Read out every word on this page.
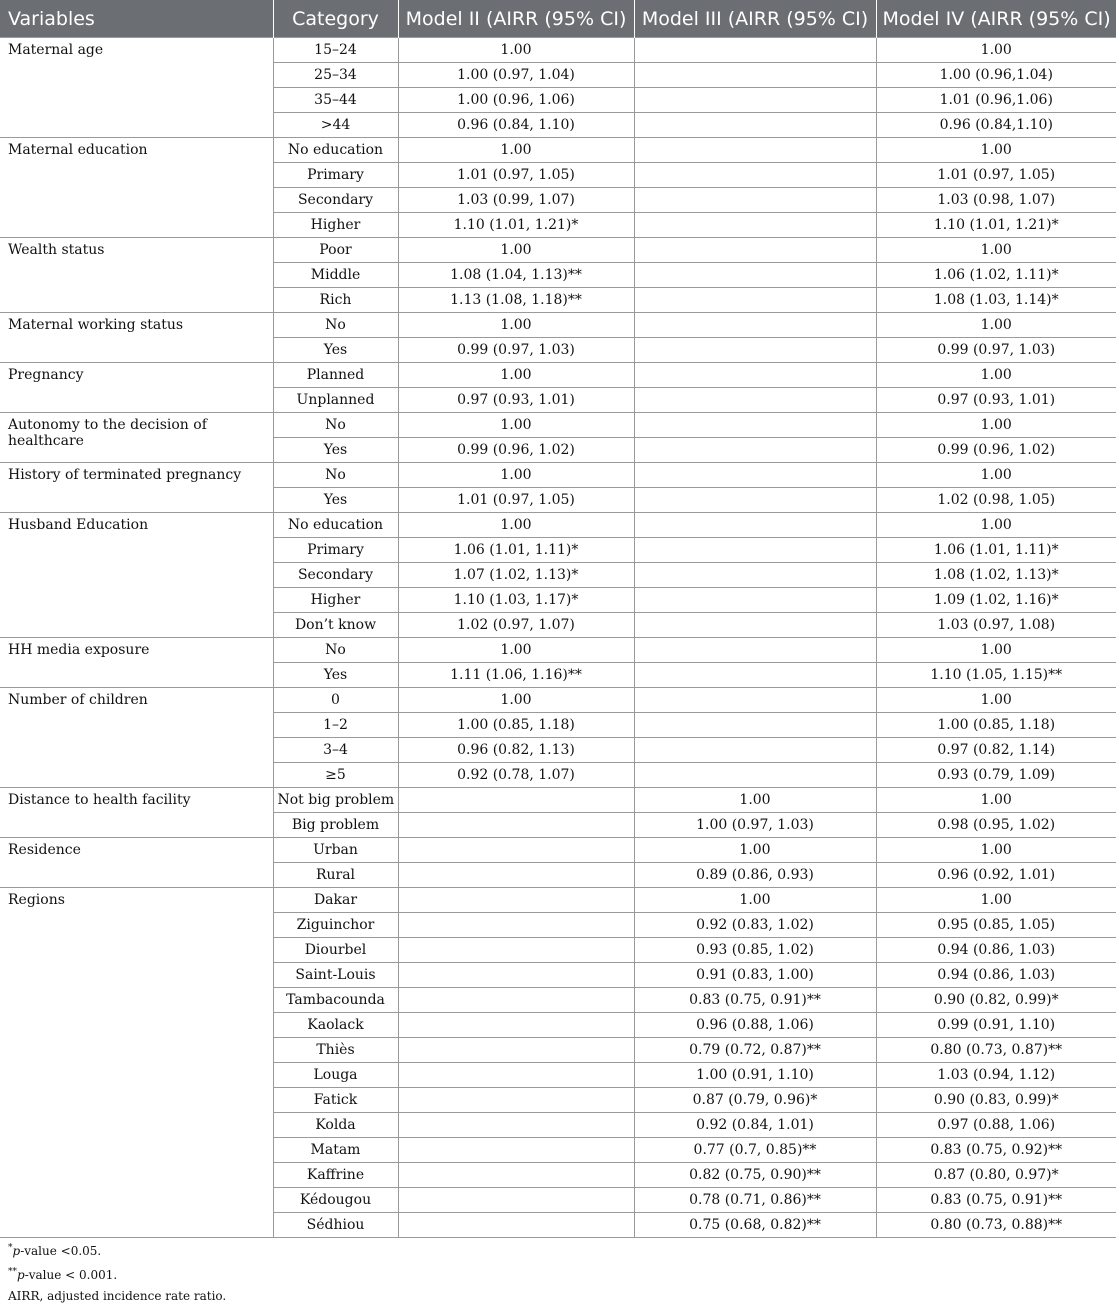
Variables	Category	Model II (AIRR (95% CI)	Model III (AIRR (95% CI)	Model IV (AIRR (95% CI)
Maternal age	15–24	1.00		1.00
	25–34	1.00 (0.97, 1.04)		1.00 (0.96,1.04)
	35–44	1.00 (0.96, 1.06)		1.01 (0.96,1.06)
	>44	0.96 (0.84, 1.10)		0.96 (0.84,1.10)
Maternal education	No education	1.00		1.00
	Primary	1.01 (0.97, 1.05)		1.01 (0.97, 1.05)
	Secondary	1.03 (0.99, 1.07)		1.03 (0.98, 1.07)
	Higher	1.10 (1.01, 1.21)*		1.10 (1.01, 1.21)*
Wealth status	Poor	1.00		1.00
	Middle	1.08 (1.04, 1.13)**		1.06 (1.02, 1.11)*
	Rich	1.13 (1.08, 1.18)**		1.08 (1.03, 1.14)*
Maternal working status	No	1.00		1.00
	Yes	0.99 (0.97, 1.03)		0.99 (0.97, 1.03)
Pregnancy	Planned	1.00		1.00
	Unplanned	0.97 (0.93, 1.01)		0.97 (0.93, 1.01)
Autonomy to the decision of healthcare	No	1.00		1.00
	Yes	0.99 (0.96, 1.02)		0.99 (0.96, 1.02)
History of terminated pregnancy	No	1.00		1.00
	Yes	1.01 (0.97, 1.05)		1.02 (0.98, 1.05)
Husband Education	No education	1.00		1.00
	Primary	1.06 (1.01, 1.11)*		1.06 (1.01, 1.11)*
	Secondary	1.07 (1.02, 1.13)*		1.08 (1.02, 1.13)*
	Higher	1.10 (1.03, 1.17)*		1.09 (1.02, 1.16)*
	Don’t know	1.02 (0.97, 1.07)		1.03 (0.97, 1.08)
HH media exposure	No	1.00		1.00
	Yes	1.11 (1.06, 1.16)**		1.10 (1.05, 1.15)**
Number of children	0	1.00		1.00
	1–2	1.00 (0.85, 1.18)		1.00 (0.85, 1.18)
	3–4	0.96 (0.82, 1.13)		0.97 (0.82, 1.14)
	≥5	0.92 (0.78, 1.07)		0.93 (0.79, 1.09)
Distance to health facility	Not big problem		1.00	1.00
	Big problem		1.00 (0.97, 1.03)	0.98 (0.95, 1.02)
Residence	Urban		1.00	1.00
	Rural		0.89 (0.86, 0.93)	0.96 (0.92, 1.01)
Regions	Dakar		1.00	1.00
	Ziguinchor		0.92 (0.83, 1.02)	0.95 (0.85, 1.05)
	Diourbel		0.93 (0.85, 1.02)	0.94 (0.86, 1.03)
	Saint-Louis		0.91 (0.83, 1.00)	0.94 (0.86, 1.03)
	Tambacounda		0.83 (0.75, 0.91)**	0.90 (0.82, 0.99)*
	Kaolack		0.96 (0.88, 1.06)	0.99 (0.91, 1.10)
	Thiès		0.79 (0.72, 0.87)**	0.80 (0.73, 0.87)**
	Louga		1.00 (0.91, 1.10)	1.03 (0.94, 1.12)
	Fatick		0.87 (0.79, 0.96)*	0.90 (0.83, 0.99)*
	Kolda		0.92 (0.84, 1.01)	0.97 (0.88, 1.06)
	Matam		0.77 (0.7, 0.85)**	0.83 (0.75, 0.92)**
	Kaffrine		0.82 (0.75, 0.90)**	0.87 (0.80, 0.97)*
	Kédougou		0.78 (0.71, 0.86)**	0.83 (0.75, 0.91)**
	Sédhiou		0.75 (0.68, 0.82)**	0.80 (0.73, 0.88)**
*p-value <0.05.
**p-value < 0.001.
AIRR, adjusted incidence rate ratio.
